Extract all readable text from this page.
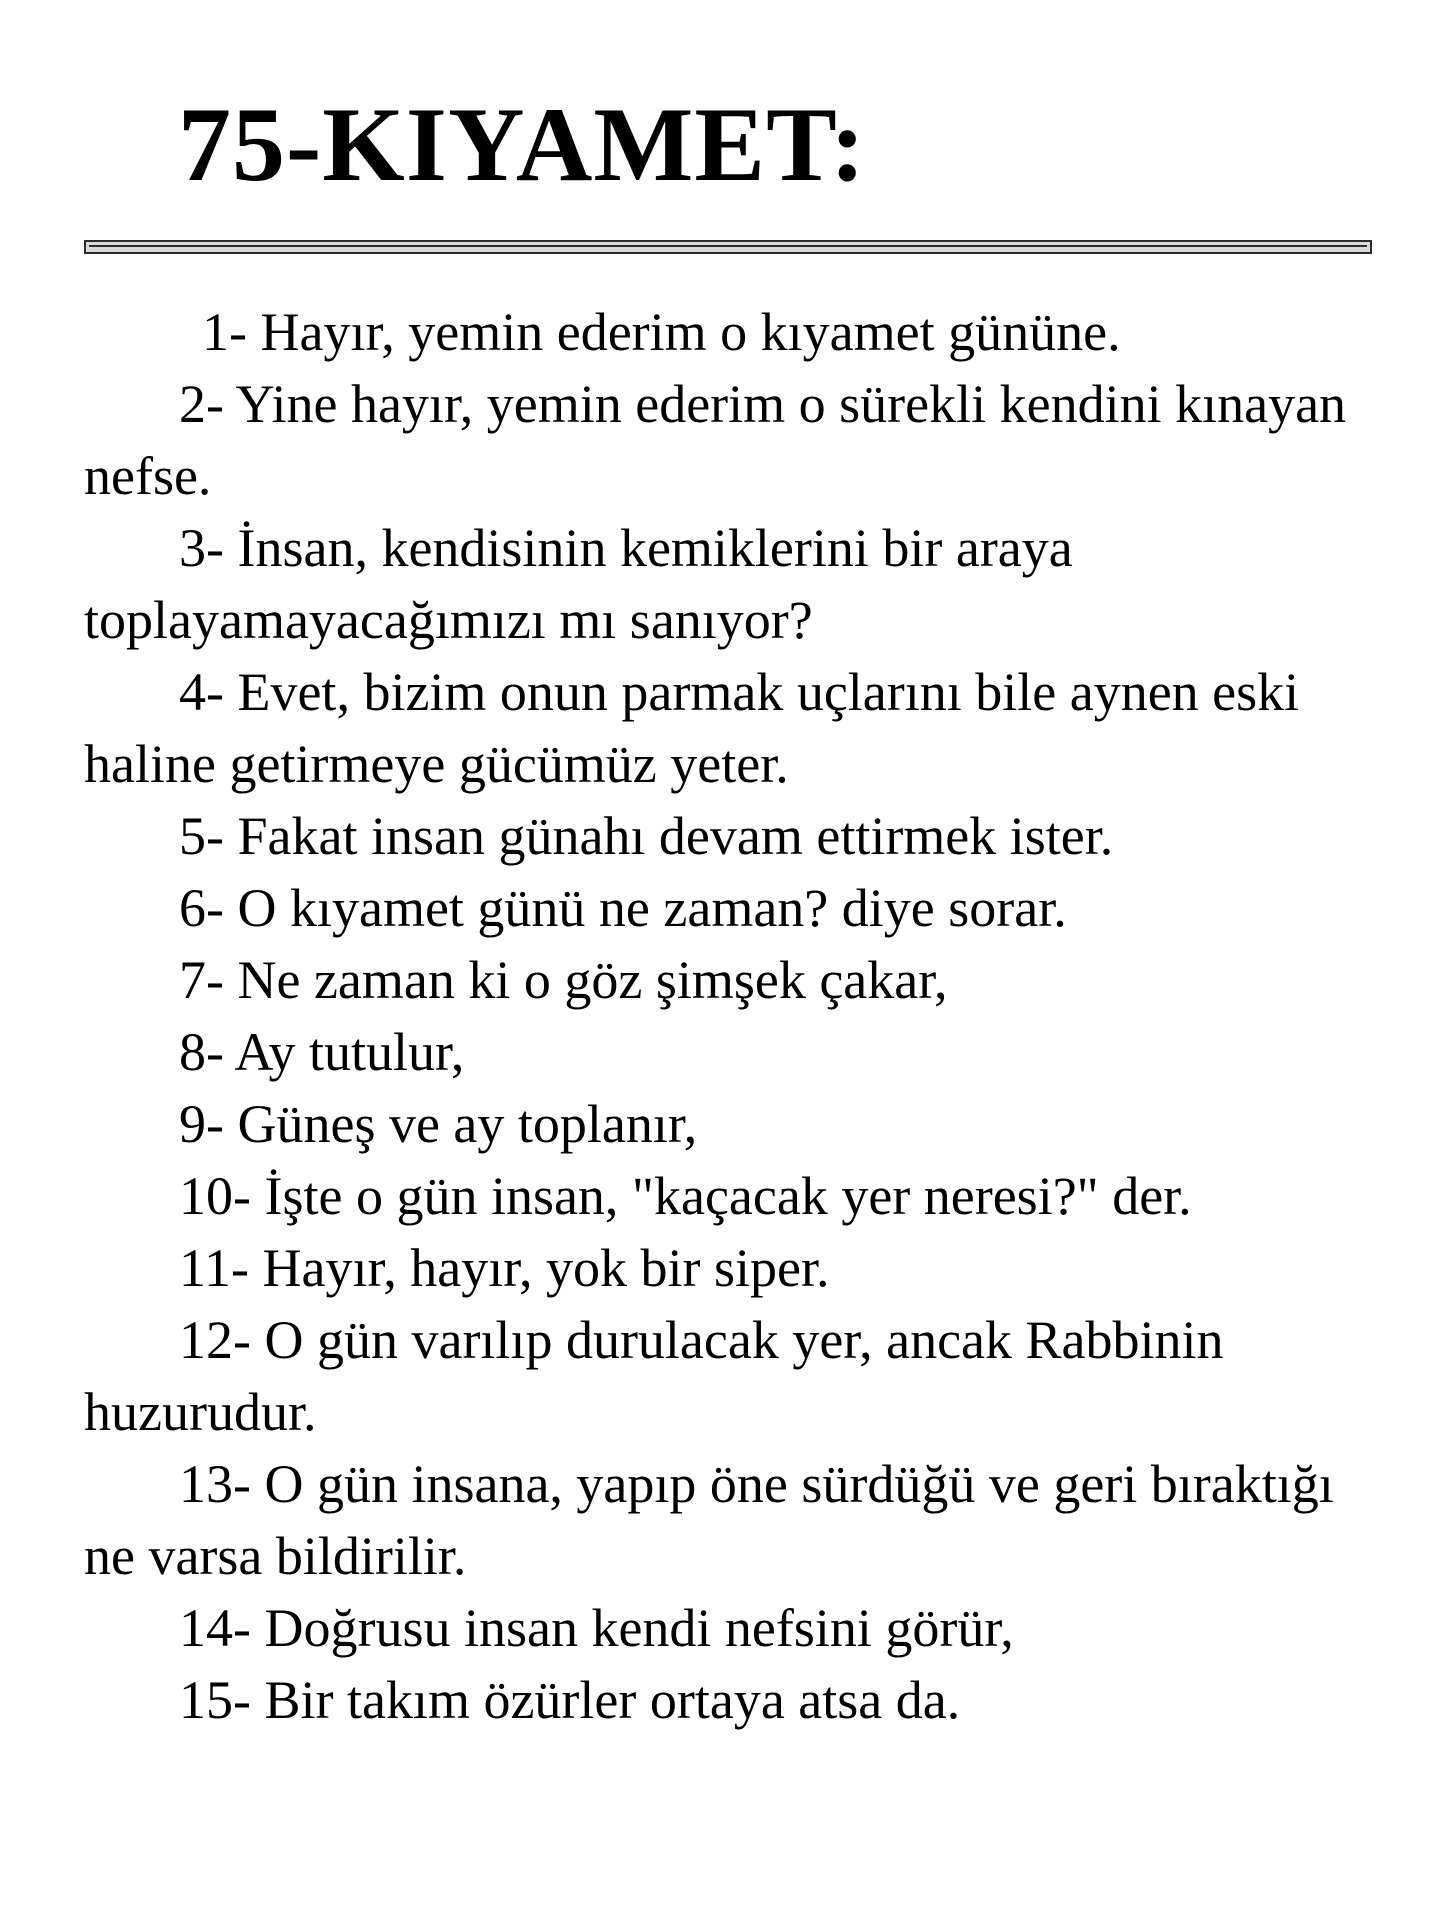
75-KIYAMET:

1- Hayır, yemin ederim o kıyamet gününe.

2- Yine hayır, yemin ederim o sürekli kendini kınayan nefse.

3- İnsan, kendisinin kemiklerini bir araya toplayamayacağımızı mı sanıyor?

4- Evet, bizim onun parmak uçlarını bile aynen eski haline getirmeye gücümüz yeter.

5- Fakat insan günahı devam ettirmek ister.

6- O kıyamet günü ne zaman? diye sorar.

7- Ne zaman ki o göz şimşek çakar,

8- Ay tutulur,

9- Güneş ve ay toplanır,

10- İşte o gün insan, "kaçacak yer neresi?" der.

11- Hayır, hayır, yok bir siper.

12- O gün varılıp durulacak yer, ancak Rabbinin huzurudur.

13- O gün insana, yapıp öne sürdüğü ve geri bıraktığı ne varsa bildirilir.

14- Doğrusu insan kendi nefsini görür,

15- Bir takım özürler ortaya atsa da.
